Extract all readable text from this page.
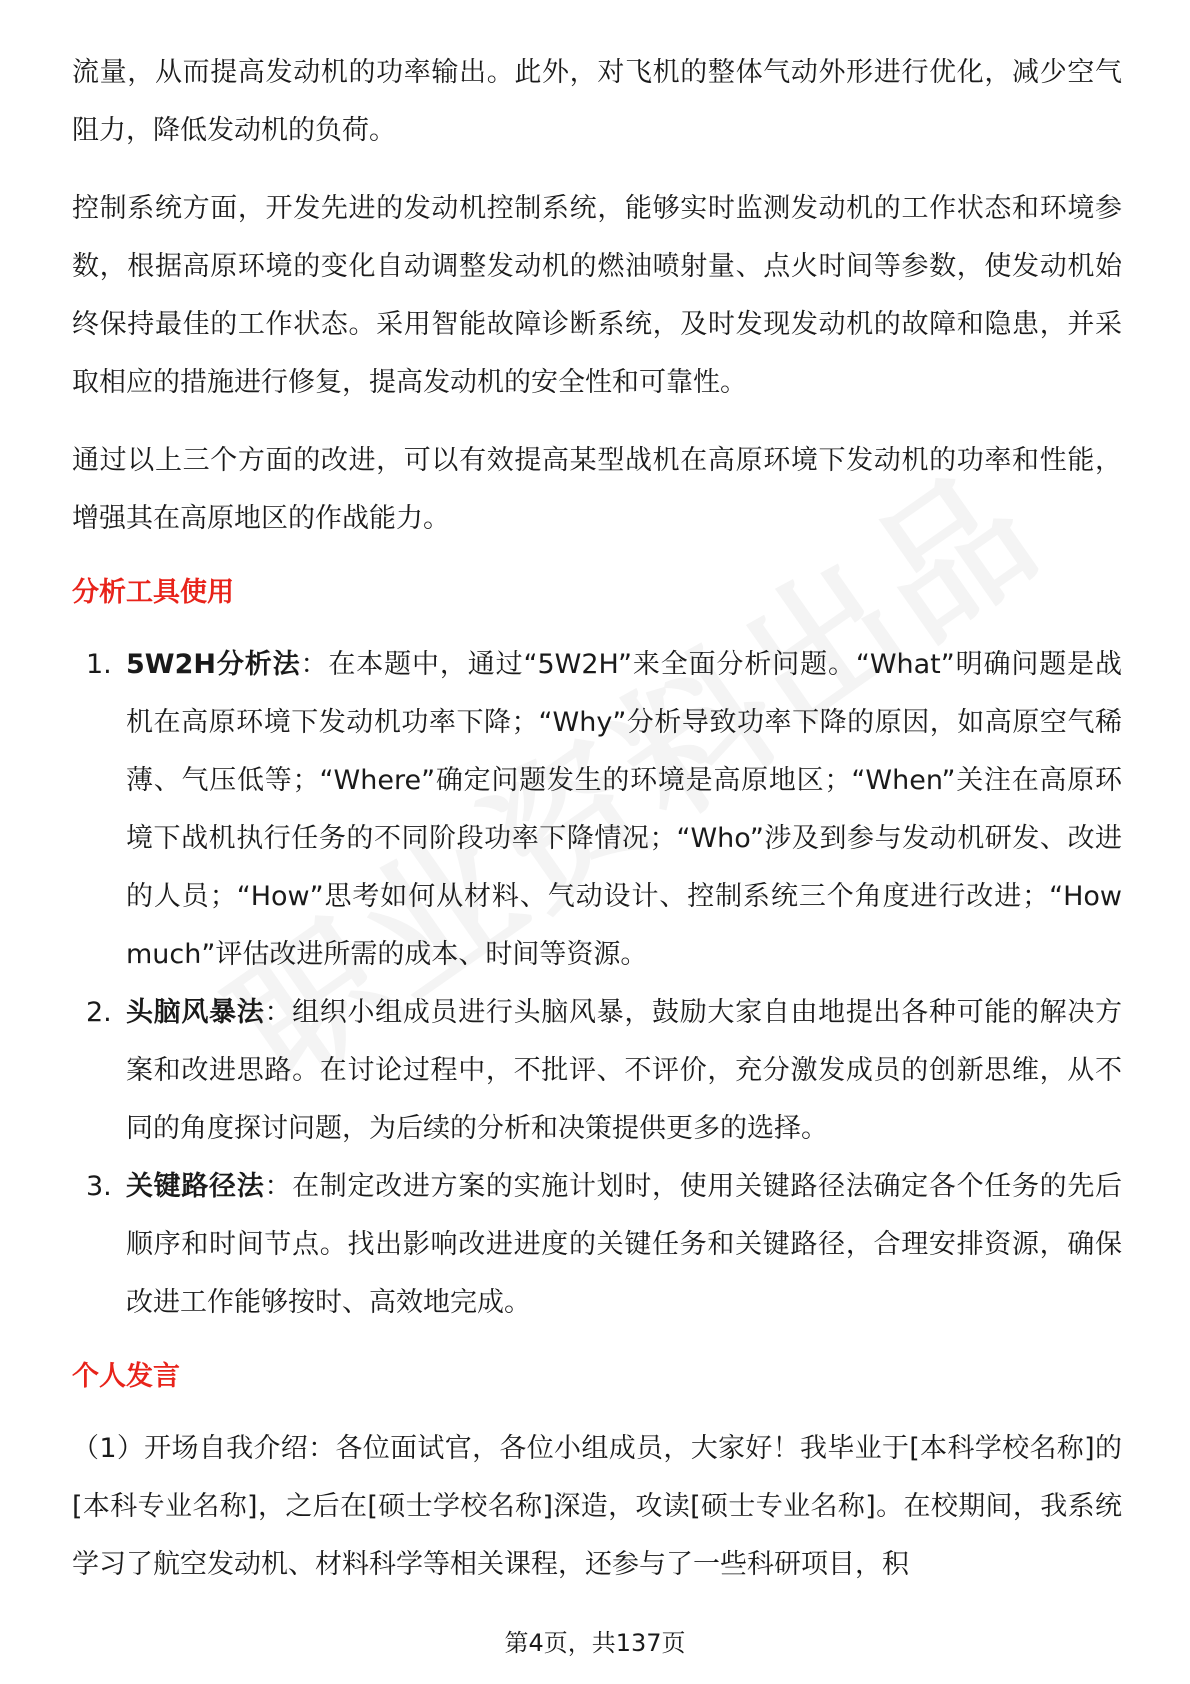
流量，从而提高发动机的功率输出。此外，对飞机的整体气动外形进行优化，减少空气阻力，降低发动机的负荷。

控制系统方面，开发先进的发动机控制系统，能够实时监测发动机的工作状态和环境参数，根据高原环境的变化自动调整发动机的燃油喷射量、点火时间等参数，使发动机始终保持最佳的工作状态。采用智能故障诊断系统，及时发现发动机的故障和隐患，并采取相应的措施进行修复，提高发动机的安全性和可靠性。

通过以上三个方面的改进，可以有效提高某型战机在高原环境下发动机的功率和性能，增强其在高原地区的作战能力。

分析工具使用
1. 5W2H分析法：在本题中，通过“5W2H”来全面分析问题。“What”明确问题是战机在高原环境下发动机功率下降；“Why”分析导致功率下降的原因，如高原空气稀薄、气压低等；“Where”确定问题发生的环境是高原地区；“When”关注在高原环境下战机执行任务的不同阶段功率下降情况；“Who”涉及到参与发动机研发、改进的人员；“How”思考如何从材料、气动设计、控制系统三个角度进行改进；“How much”评估改进所需的成本、时间等资源。
2. 头脑风暴法：组织小组成员进行头脑风暴，鼓励大家自由地提出各种可能的解决方案和改进思路。在讨论过程中，不批评、不评价，充分激发成员的创新思维，从不同的角度探讨问题，为后续的分析和决策提供更多的选择。
3. 关键路径法：在制定改进方案的实施计划时，使用关键路径法确定各个任务的先后顺序和时间节点。找出影响改进进度的关键任务和关键路径，合理安排资源，确保改进工作能够按时、高效地完成。
个人发言

（1）开场自我介绍：各位面试官，各位小组成员，大家好！我毕业于[本科学校名称]的[本科专业名称]，之后在[硕士学校名称]深造，攻读[硕士专业名称]。在校期间，我系统学习了航空发动机、材料科学等相关课程，还参与了一些科研项目，积

第4页，共137页
